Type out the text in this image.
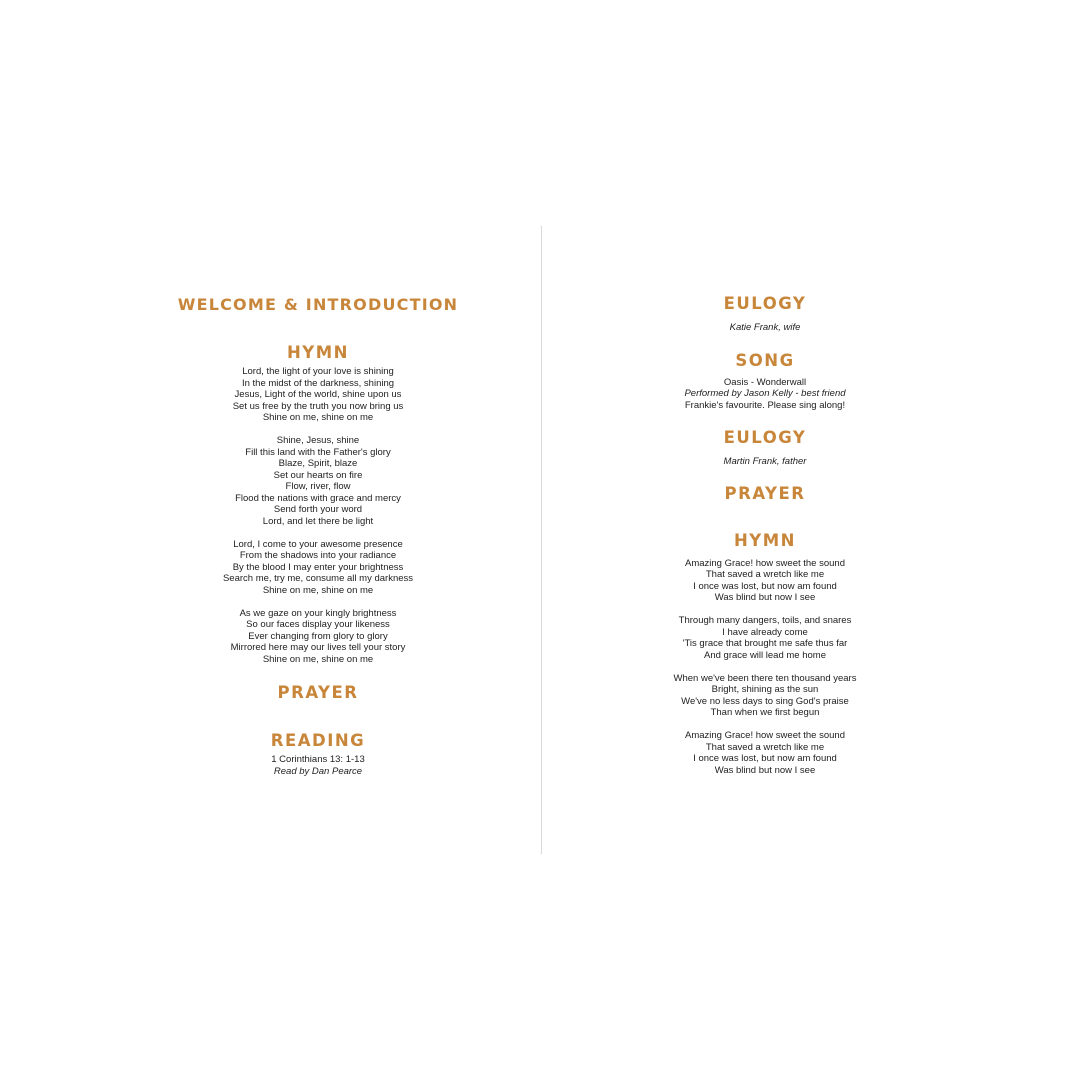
WELCOME & INTRODUCTION
HYMN

Lord, the light of your love is shining

In the midst of the darkness, shining

Jesus, Light of the world, shine upon us

Set us free by the truth you now bring us

Shine on me, shine on me

Shine, Jesus, shine

Fill this land with the Father's glory

Blaze, Spirit, blaze

Set our hearts on fire

Flow, river, flow

Flood the nations with grace and mercy

Send forth your word

Lord, and let there be light

Lord, I come to your awesome presence

From the shadows into your radiance

By the blood I may enter your brightness

Search me, try me, consume all my darkness

Shine on me, shine on me

As we gaze on your kingly brightness

So our faces display your likeness

Ever changing from glory to glory

Mirrored here may our lives tell your story

Shine on me, shine on me

PRAYER
READING

1 Corinthians 13: 1-13

Read by Dan Pearce

EULOGY

Katie Frank, wife

SONG

Oasis - Wonderwall

Performed by Jason Kelly - best friend

Frankie's favourite. Please sing along!

EULOGY

Martin Frank, father

PRAYER
HYMN

Amazing Grace! how sweet the sound

That saved a wretch like me

I once was lost, but now am found

Was blind but now I see

Through many dangers, toils, and snares

I have already come

'Tis grace that brought me safe thus far

And grace will lead me home

When we've been there ten thousand years

Bright, shining as the sun

We've no less days to sing God's praise

Than when we first begun

Amazing Grace! how sweet the sound

That saved a wretch like me

I once was lost, but now am found

Was blind but now I see
